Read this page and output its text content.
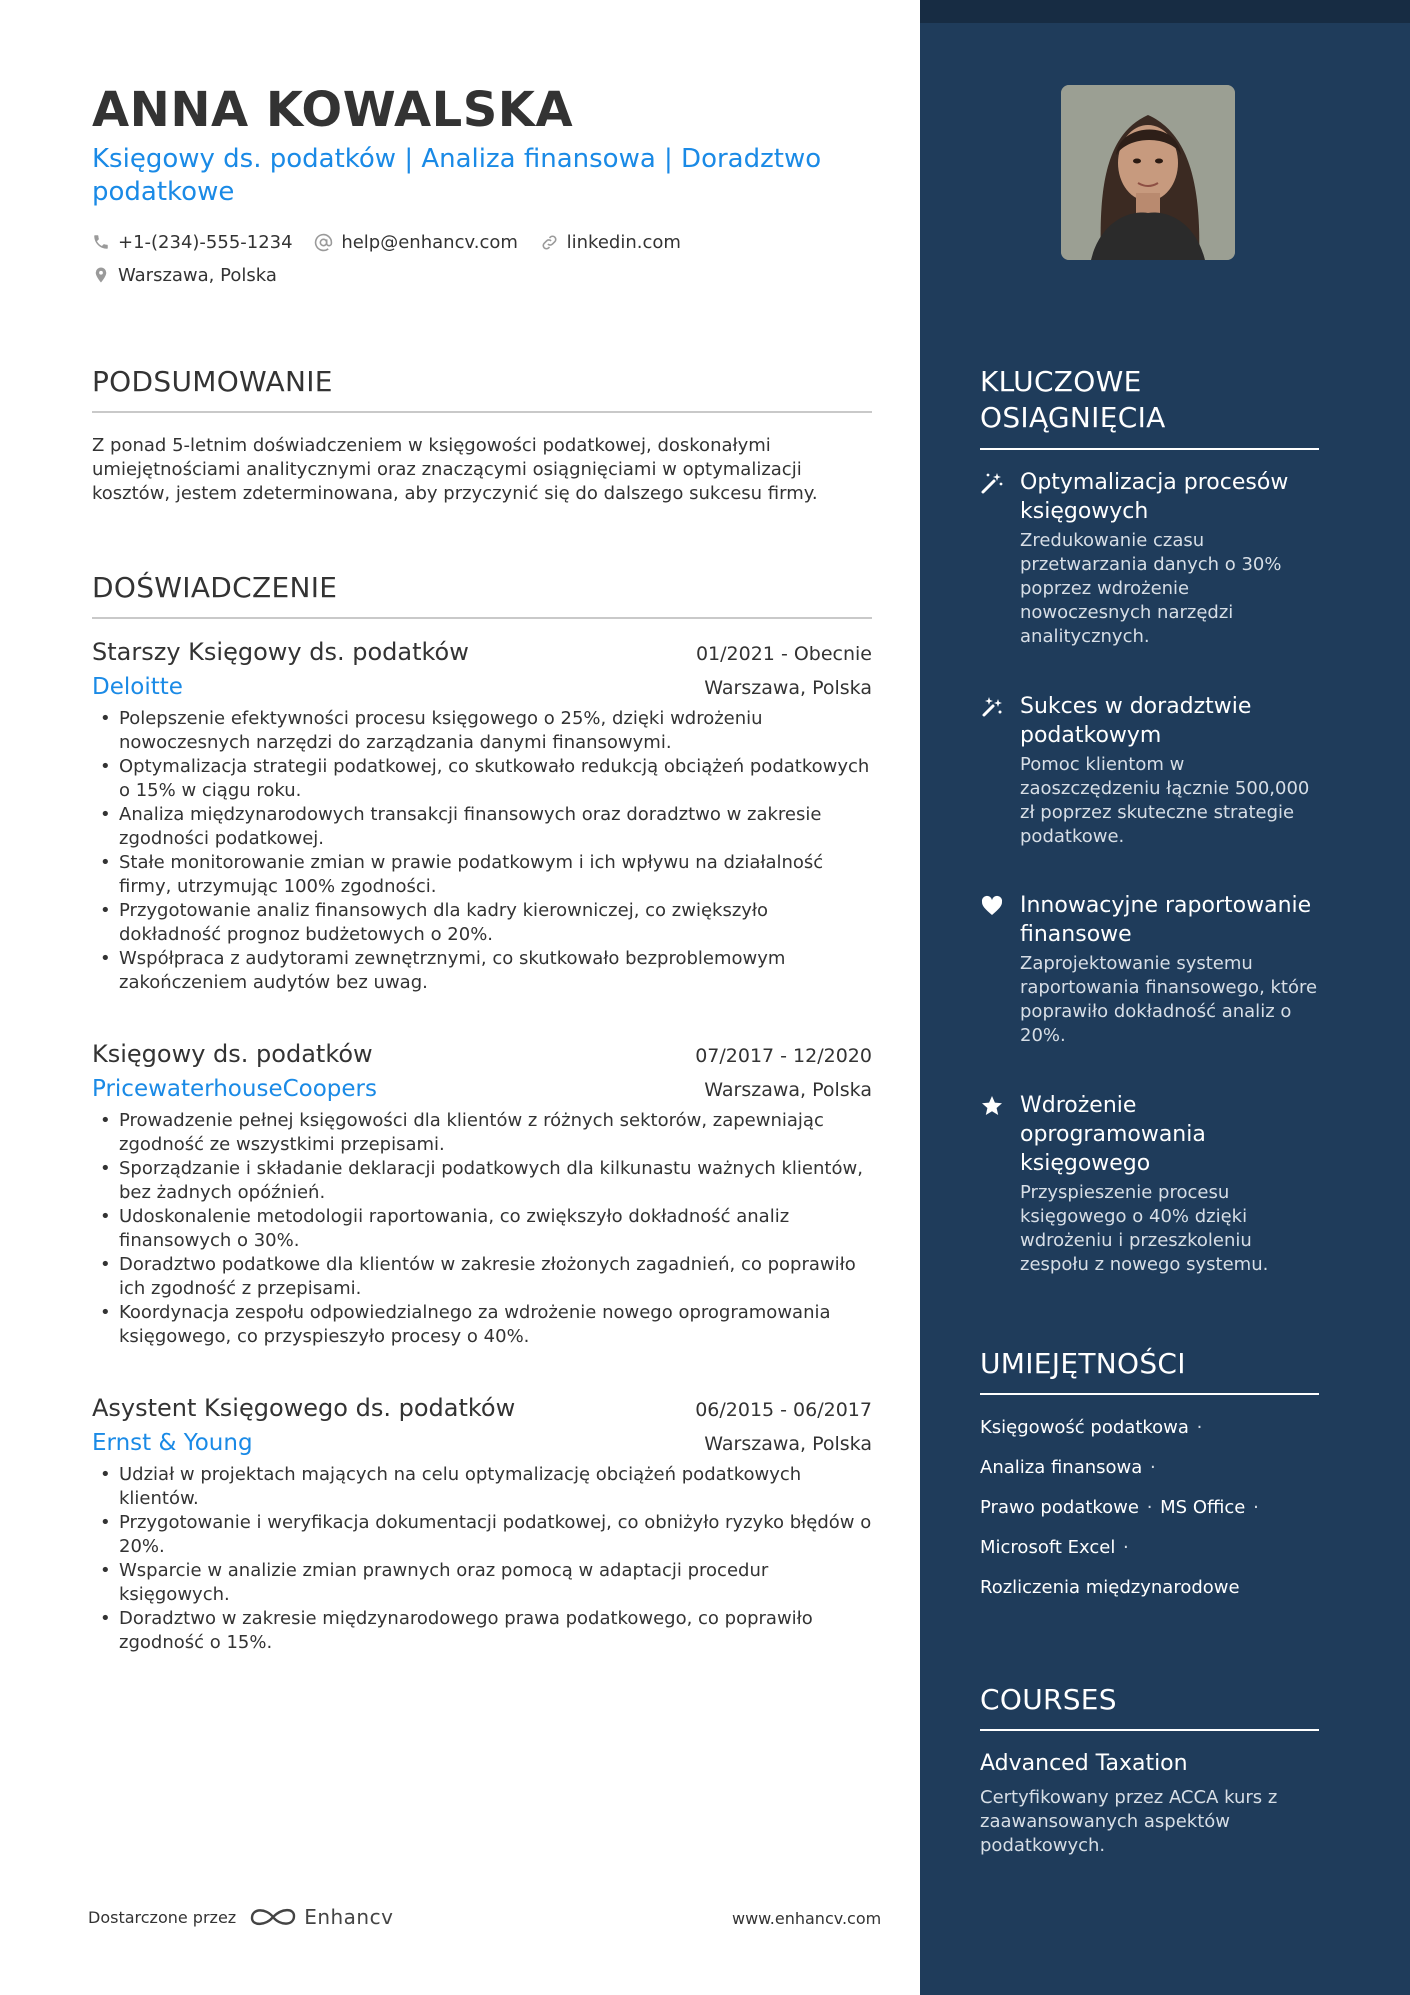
ANNA KOWALSKA
Księgowy ds. podatków | Analiza finansowa | Doradztwo podatkowe
+1-(234)-555-1234
	help@enhancv.com
	linkedin.com
Warszawa, Polska
PODSUMOWANIE
Z ponad 5-letnim doświadczeniem w księgowości podatkowej, doskonałymi umiejętnościami analitycznymi oraz znaczącymi osiągnięciami w optymalizacji kosztów, jestem zdeterminowana, aby przyczynić się do dalszego sukcesu firmy.
DOŚWIADCZENIE
Starszy Księgowy ds. podatków	01/2021 - Obecnie
Deloitte	Warszawa, Polska
• Polepszenie efektywności procesu księgowego o 25%, dzięki wdrożeniu nowoczesnych narzędzi do zarządzania danymi finansowymi.
• Optymalizacja strategii podatkowej, co skutkowało redukcją obciążeń podatkowych o 15% w ciągu roku.
• Analiza międzynarodowych transakcji finansowych oraz doradztwo w zakresie zgodności podatkowej.
• Stałe monitorowanie zmian w prawie podatkowym i ich wpływu na działalność firmy, utrzymując 100% zgodności.
• Przygotowanie analiz finansowych dla kadry kierowniczej, co zwiększyło dokładność prognoz budżetowych o 20%.
• Współpraca z audytorami zewnętrznymi, co skutkowało bezproblemowym zakończeniem audytów bez uwag.
Księgowy ds. podatków	07/2017 - 12/2020
PricewaterhouseCoopers	Warszawa, Polska
• Prowadzenie pełnej księgowości dla klientów z różnych sektorów, zapewniając zgodność ze wszystkimi przepisami.
• Sporządzanie i składanie deklaracji podatkowych dla kilkunastu ważnych klientów, bez żadnych opóźnień.
• Udoskonalenie metodologii raportowania, co zwiększyło dokładność analiz finansowych o 30%.
• Doradztwo podatkowe dla klientów w zakresie złożonych zagadnień, co poprawiło ich zgodność z przepisami.
• Koordynacja zespołu odpowiedzialnego za wdrożenie nowego oprogramowania księgowego, co przyspieszyło procesy o 40%.
Asystent Księgowego ds. podatków	06/2015 - 06/2017
Ernst & Young	Warszawa, Polska
• Udział w projektach mających na celu optymalizację obciążeń podatkowych klientów.
• Przygotowanie i weryfikacja dokumentacji podatkowej, co obniżyło ryzyko błędów o 20%.
• Wsparcie w analizie zmian prawnych oraz pomocą w adaptacji procedur księgowych.
• Doradztwo w zakresie międzynarodowego prawa podatkowego, co poprawiło zgodność o 15%.
Dostarczone przez	Enhancv	www.enhancv.com
KLUCZOWE OSIĄGNIĘCIA
Optymalizacja procesów księgowych
Zredukowanie czasu przetwarzania danych o 30% poprzez wdrożenie nowoczesnych narzędzi analitycznych.
Sukces w doradztwie podatkowym
Pomoc klientom w zaoszczędzeniu łącznie 500,000 zł poprzez skuteczne strategie podatkowe.
Innowacyjne raportowanie finansowe
Zaprojektowanie systemu raportowania finansowego, które poprawiło dokładność analiz o 20%.
Wdrożenie oprogramowania księgowego
Przyspieszenie procesu księgowego o 40% dzięki wdrożeniu i przeszkoleniu zespołu z nowego systemu.
UMIEJĘTNOŚCI
Księgowość podatkowa ·
Analiza finansowa ·
Prawo podatkowe · MS Office ·
Microsoft Excel ·
Rozliczenia międzynarodowe
COURSES
Advanced Taxation
Certyfikowany przez ACCA kurs z zaawansowanych aspektów podatkowych.
